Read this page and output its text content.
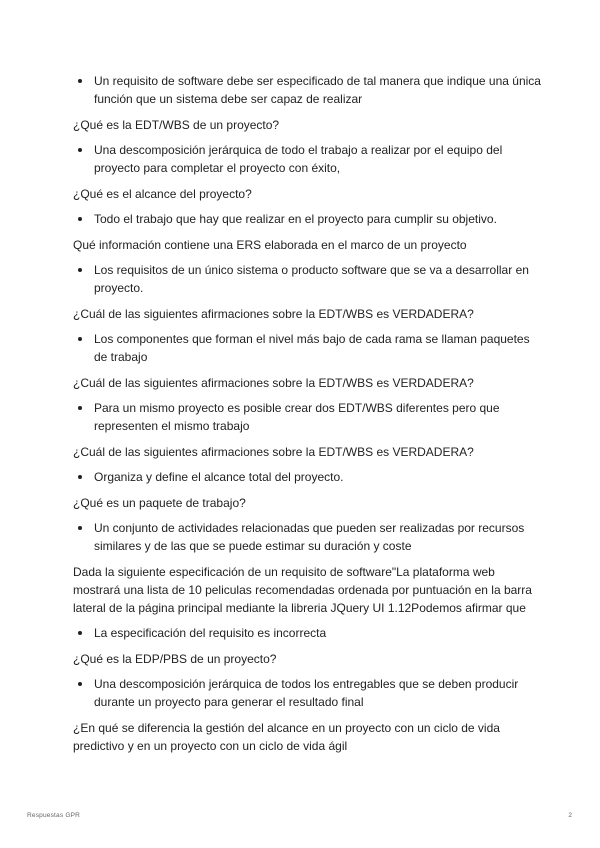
Un requisito de software debe ser especificado de tal manera que indique una única función que un sistema debe ser capaz de realizar
¿Qué es la EDT/WBS de un proyecto?
Una descomposición jerárquica de todo el trabajo a realizar por el equipo del proyecto para completar el proyecto con éxito,
¿Qué es el alcance del proyecto?
Todo el trabajo que hay que realizar en el proyecto para cumplir su objetivo.
Qué información contiene una ERS elaborada en el marco de un proyecto
Los requisitos de un único sistema o producto software que se va a desarrollar en proyecto.
¿Cuál de las siguientes afirmaciones sobre la EDT/WBS es VERDADERA?
Los componentes que forman el nivel más bajo de cada rama se llaman paquetes de trabajo
¿Cuál de las siguientes afirmaciones sobre la EDT/WBS es VERDADERA?
Para un mismo proyecto es posible crear dos EDT/WBS diferentes pero que representen el mismo trabajo
¿Cuál de las siguientes afirmaciones sobre la EDT/WBS es VERDADERA?
Organiza y define el alcance total del proyecto.
¿Qué es un paquete de trabajo?
Un conjunto de actividades relacionadas que pueden ser realizadas por recursos similares y de las que se puede estimar su duración y coste
Dada la siguiente especificación de un requisito de software"La plataforma web mostrará una lista de 10 peliculas recomendadas ordenada por puntuación en la barra lateral de la página principal mediante la libreria JQuery UI 1.12Podemos afirmar que
La especificación del requisito es incorrecta
¿Qué es la EDP/PBS de un proyecto?
Una descomposición jerárquica de todos los entregables que se deben producir durante un proyecto para generar el resultado final
¿En qué se diferencia la gestión del alcance en un proyecto con un ciclo de vida predictivo y en un proyecto con un ciclo de vida ágil
Respuestas GPR	2
